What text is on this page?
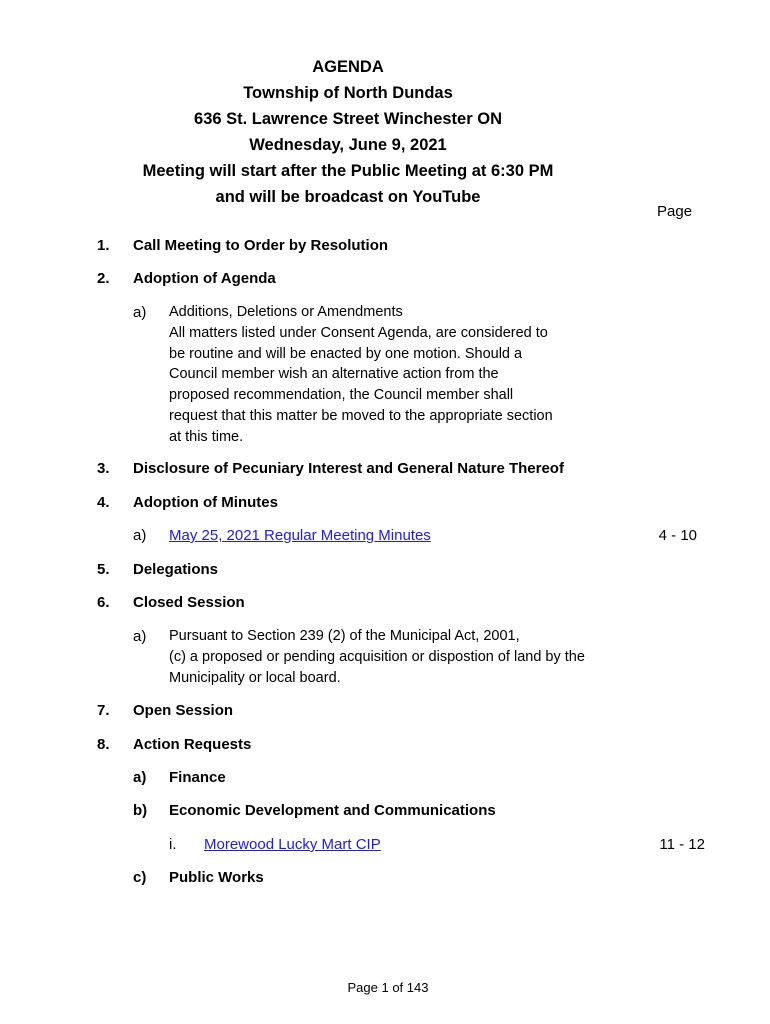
AGENDA
Township of North Dundas
636 St. Lawrence Street Winchester ON
Wednesday, June 9, 2021
Meeting will start after the Public Meeting at 6:30 PM
and will be broadcast on YouTube
Page
1. Call Meeting to Order by Resolution
2. Adoption of Agenda
a) Additions, Deletions or Amendments
All matters listed under Consent Agenda, are considered to
be routine and will be enacted by one motion. Should a
Council member wish an alternative action from the
proposed recommendation, the Council member shall
request that this matter be moved to the appropriate section
at this time.
3. Disclosure of Pecuniary Interest and General Nature Thereof
4. Adoption of Minutes
a) May 25, 2021 Regular Meeting Minutes	4 - 10
5. Delegations
6. Closed Session
a) Pursuant to Section 239 (2) of the Municipal Act, 2001,
(c) a proposed or pending acquisition or dispostion of land by the
Municipality or local board.
7. Open Session
8. Action Requests
a) Finance
b) Economic Development and Communications
i. Morewood Lucky Mart CIP	11 - 12
c) Public Works
Page 1 of 143
